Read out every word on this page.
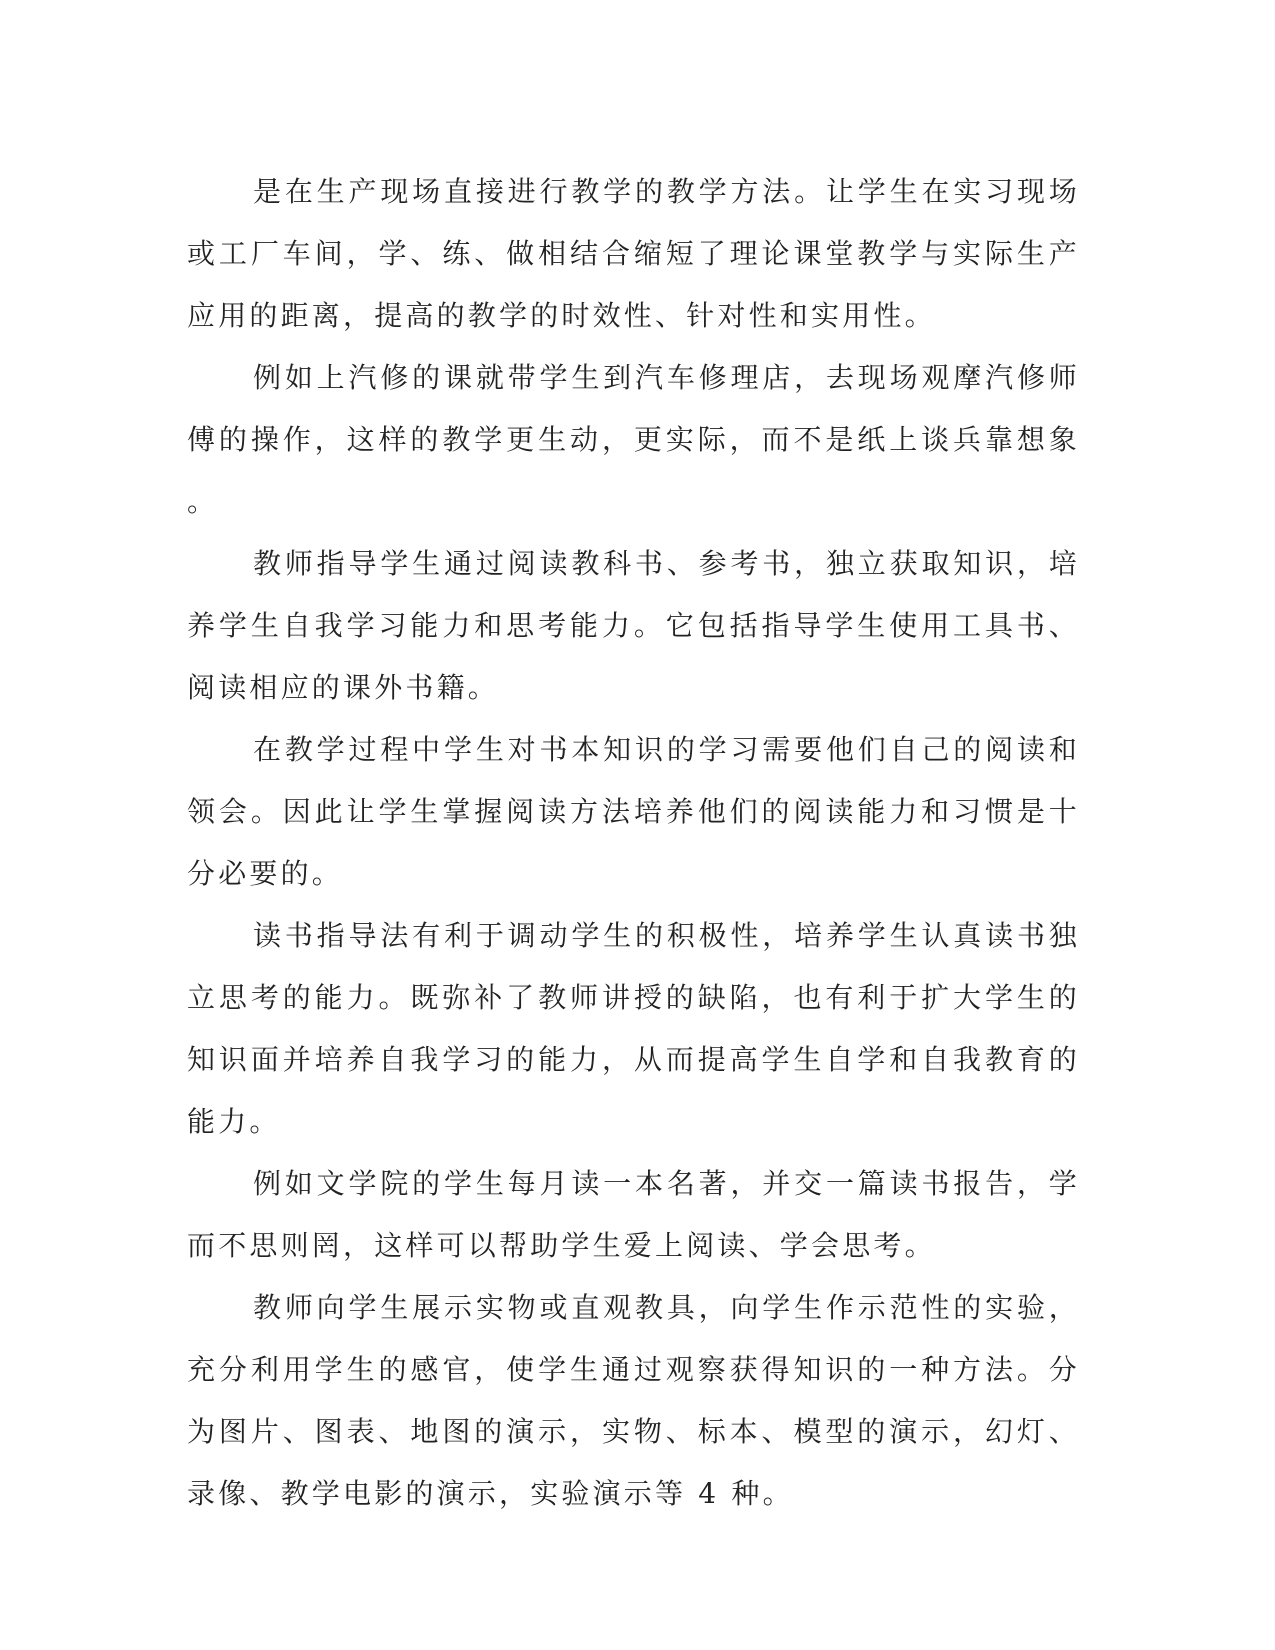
是在生产现场直接进行教学的教学方法。让学生在实习现场或工厂车间，学、练、做相结合缩短了理论课堂教学与实际生产应用的距离，提高的教学的时效性、针对性和实用性。

例如上汽修的课就带学生到汽车修理店，去现场观摩汽修师傅的操作，这样的教学更生动，更实际，而不是纸上谈兵靠想象。

教师指导学生通过阅读教科书、参考书，独立获取知识，培养学生自我学习能力和思考能力。它包括指导学生使用工具书、阅读相应的课外书籍。

在教学过程中学生对书本知识的学习需要他们自己的阅读和领会。因此让学生掌握阅读方法培养他们的阅读能力和习惯是十分必要的。

读书指导法有利于调动学生的积极性，培养学生认真读书独立思考的能力。既弥补了教师讲授的缺陷，也有利于扩大学生的知识面并培养自我学习的能力，从而提高学生自学和自我教育的能力。

例如文学院的学生每月读一本名著，并交一篇读书报告，学而不思则罔，这样可以帮助学生爱上阅读、学会思考。

教师向学生展示实物或直观教具，向学生作示范性的实验，充分利用学生的感官，使学生通过观察获得知识的一种方法。分为图片、图表、地图的演示，实物、标本、模型的演示，幻灯、录像、教学电影的演示，实验演示等 4 种。
